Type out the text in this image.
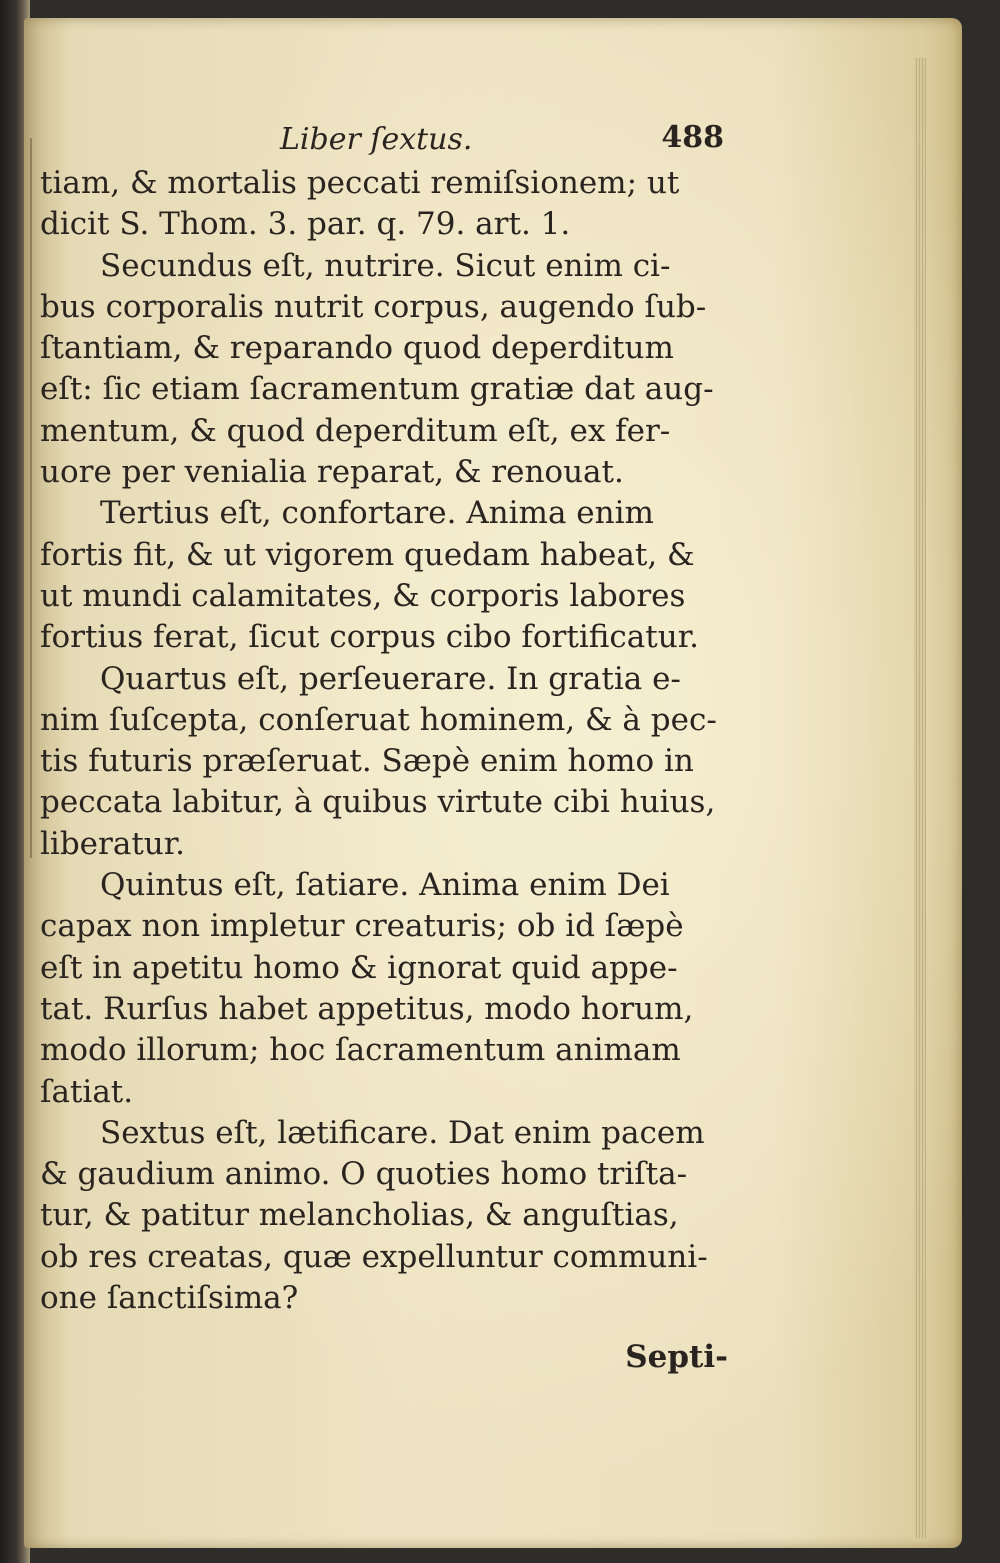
Liber ſextus.	488
tiam, & mortalis peccati remiſsionem; ut
dicit S. Thom. 3. par. q. 79. art. 1.
Secundus eſt, nutrire. Sicut enim ci-
bus corporalis nutrit corpus, augendo ſub-
ſtantiam, & reparando quod deperditum
eſt: ſic etiam ſacramentum gratiæ dat aug-
mentum, & quod deperditum eſt, ex fer-
uore per venialia reparat, & renouat.
Tertius eſt, confortare. Anima enim
fortis fit, & ut vigorem quedam habeat, &
ut mundi calamitates, & corporis labores
fortius ferat, ſicut corpus cibo fortificatur.
Quartus eſt, perſeuerare. In gratia e-
nim ſuſcepta, conſeruat hominem, & à pec-
tis futuris præſeruat. Sæpè enim homo in
peccata labitur, à quibus virtute cibi huius,
liberatur.
Quintus eſt, ſatiare. Anima enim Dei
capax non impletur creaturis; ob id ſæpè
eſt in apetitu homo & ignorat quid appe-
tat. Rurſus habet appetitus, modo horum,
modo illorum; hoc ſacramentum animam
ſatiat.
Sextus eſt, lætificare. Dat enim pacem
& gaudium animo. O quoties homo triſta-
tur, & patitur melancholias, & anguſtias,
ob res creatas, quæ expelluntur communi-
one ſanctiſsima?
Septi-
